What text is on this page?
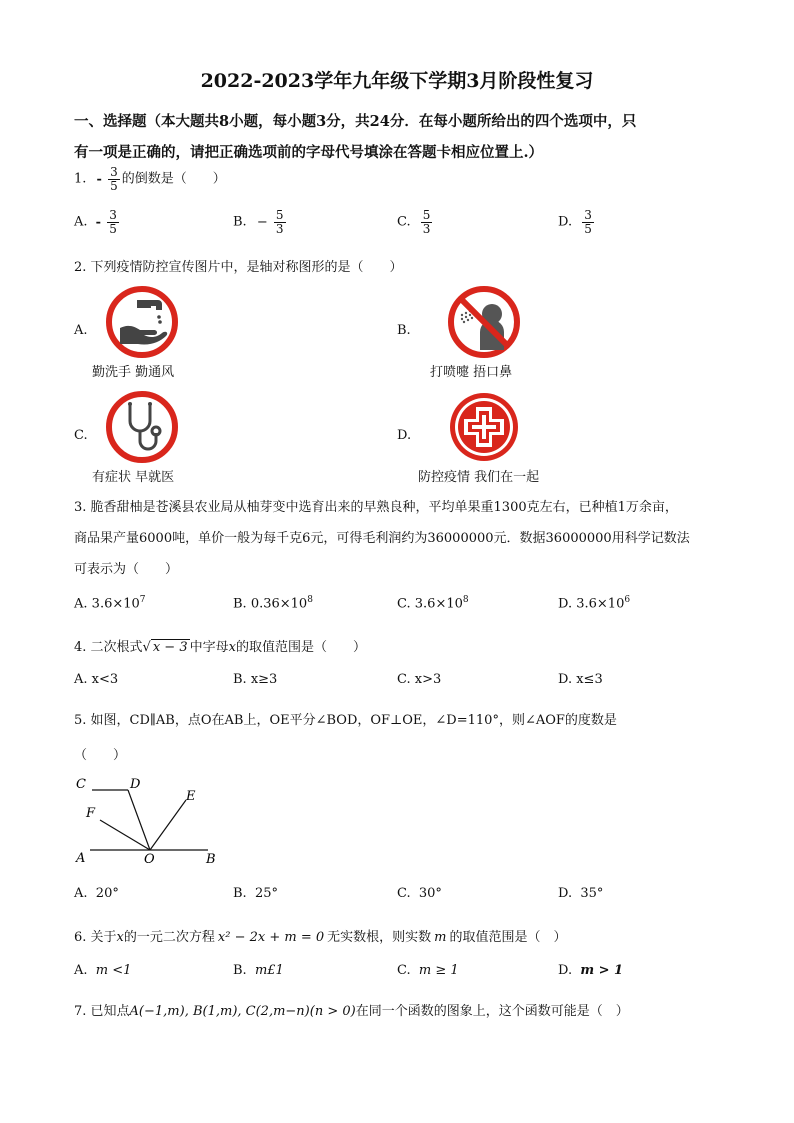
2022-2023学年九年级下学期3月阶段性复习
一、选择题（本大题共8小题，每小题3分，共24分．在每小题所给出的四个选项中，只
有一项是正确的，请把正确选项前的字母代号填涂在答题卡相应位置上.）
1. - $\frac{3}{5}$ 的倒数是（　　）
A. - $\frac{3}{5}$	B. − $\frac{5}{3}$	C. $\frac{5}{3}$	D. $\frac{3}{5}$
2. 下列疫情防控宣传图片中，是轴对称图形的是（　　）
A.
勤洗手 勤通风
B.
打喷嚏 捂口鼻
C.
有症状 早就医
D.
防控疫情 我们在一起
3. 脆香甜柚是苍溪县农业局从柚芽变中选育出来的早熟良种，平均单果重1300克左右，已种植1万余亩，
商品果产量6000吨，单价一般为每千克6元，可得毛利润约为36000000元．数据36000000用科学记数法
可表示为（　　）
A. $3.6\times 10^7$	B. $0.36\times 10^8$	C. $3.6\times 10^8$	D. $3.6\times 10^6$
4. 二次根式√ x − 3 中字母x的取值范围是（　　）
A. x<3	B. x≥3	C. x>3	D. x≤3
5. 如图，CD∥AB，点O在AB上，OE平分∠BOD，OF⊥OE，∠D=110°，则∠AOF的度数是
（　　）
C	D
E
F
A	O	B
A. 20°	B. 25°	C. 30°	D. 35°
6. 关于x的一元二次方程 x² − 2x + m = 0 无实数根，则实数 m 的取值范围是（　）
A. m <1	B. m£1	C. m ≥ 1	D. m > 1
7. 已知点A(−1,m), B(1,m), C(2,m−n)(n > 0)在同一个函数的图象上，这个函数可能是（　）
